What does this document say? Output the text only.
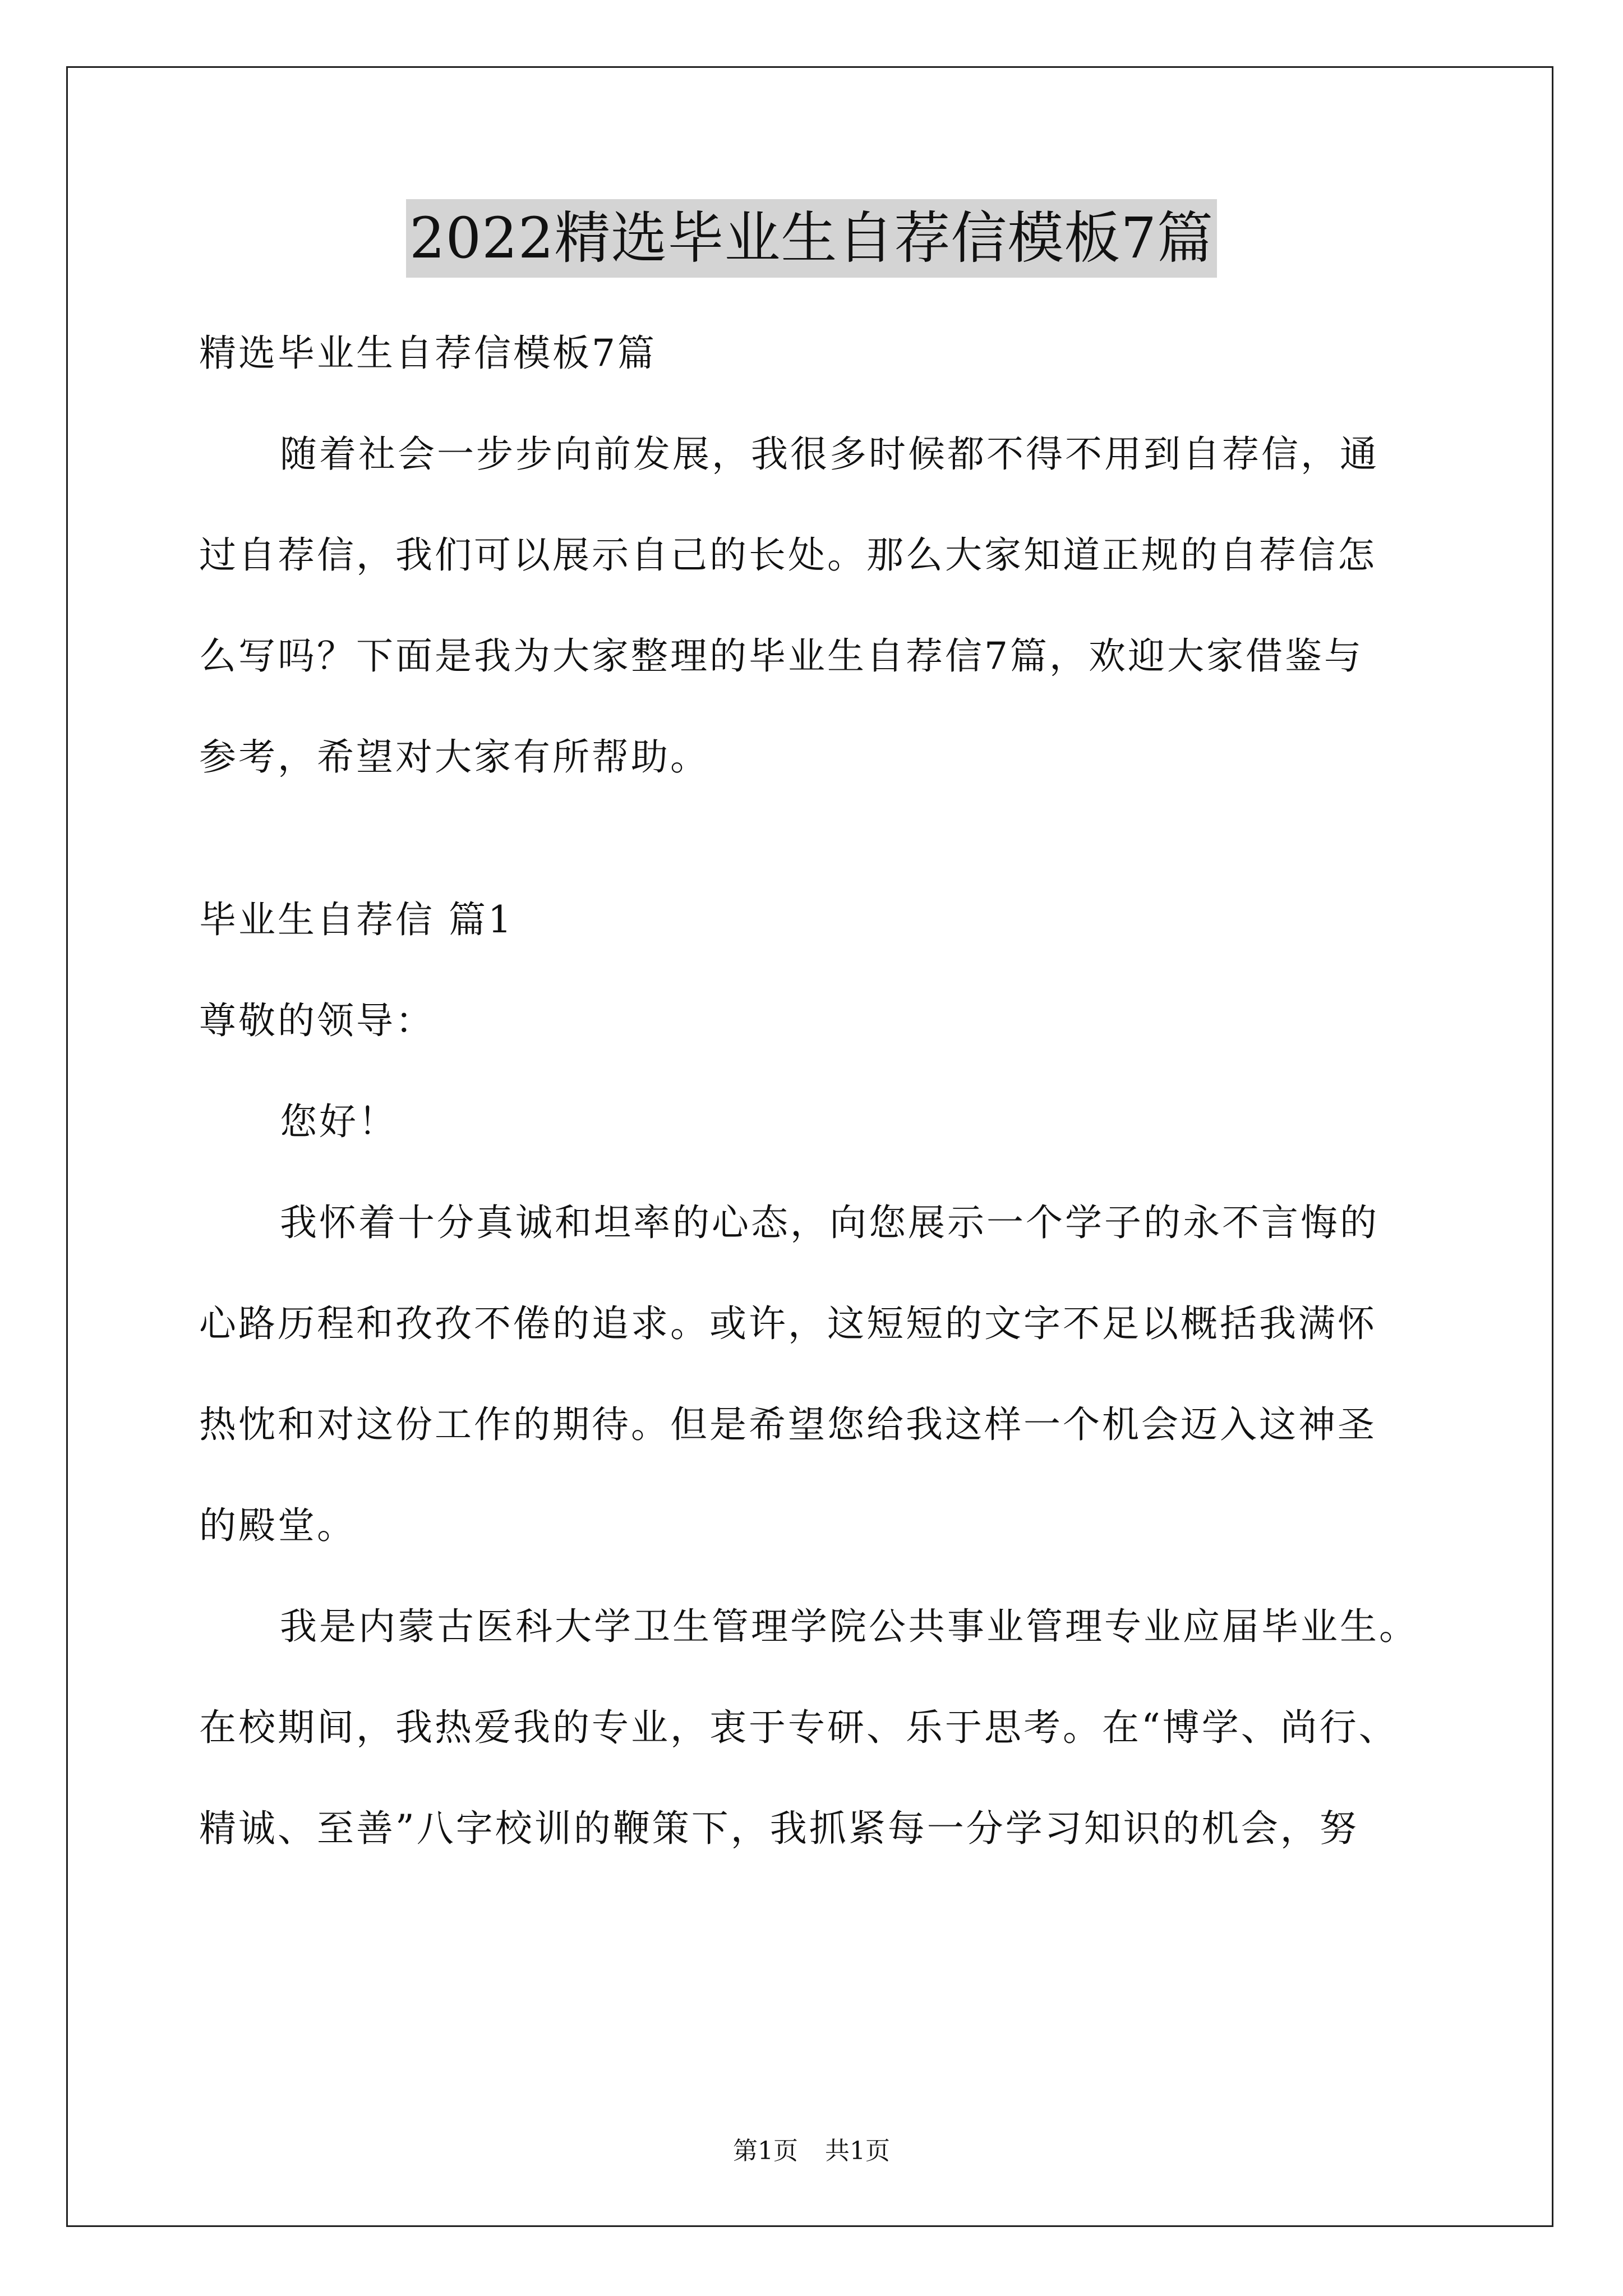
2022精选毕业生自荐信模板7篇
精选毕业生自荐信模板7篇
随着社会一步步向前发展，我很多时候都不得不用到自荐信，通
过自荐信，我们可以展示自己的长处。那么大家知道正规的自荐信怎
么写吗？下面是我为大家整理的毕业生自荐信7篇，欢迎大家借鉴与
参考，希望对大家有所帮助。
毕业生自荐信 篇1
尊敬的领导：
您好！
我怀着十分真诚和坦率的心态，向您展示一个学子的永不言悔的
心路历程和孜孜不倦的追求。或许，这短短的文字不足以概括我满怀
热忱和对这份工作的期待。但是希望您给我这样一个机会迈入这神圣
的殿堂。
我是内蒙古医科大学卫生管理学院公共事业管理专业应届毕业生。
在校期间，我热爱我的专业，衷于专研、乐于思考。在“博学、尚行、
精诚、至善”八字校训的鞭策下，我抓紧每一分学习知识的机会，努
第1页 共1页
